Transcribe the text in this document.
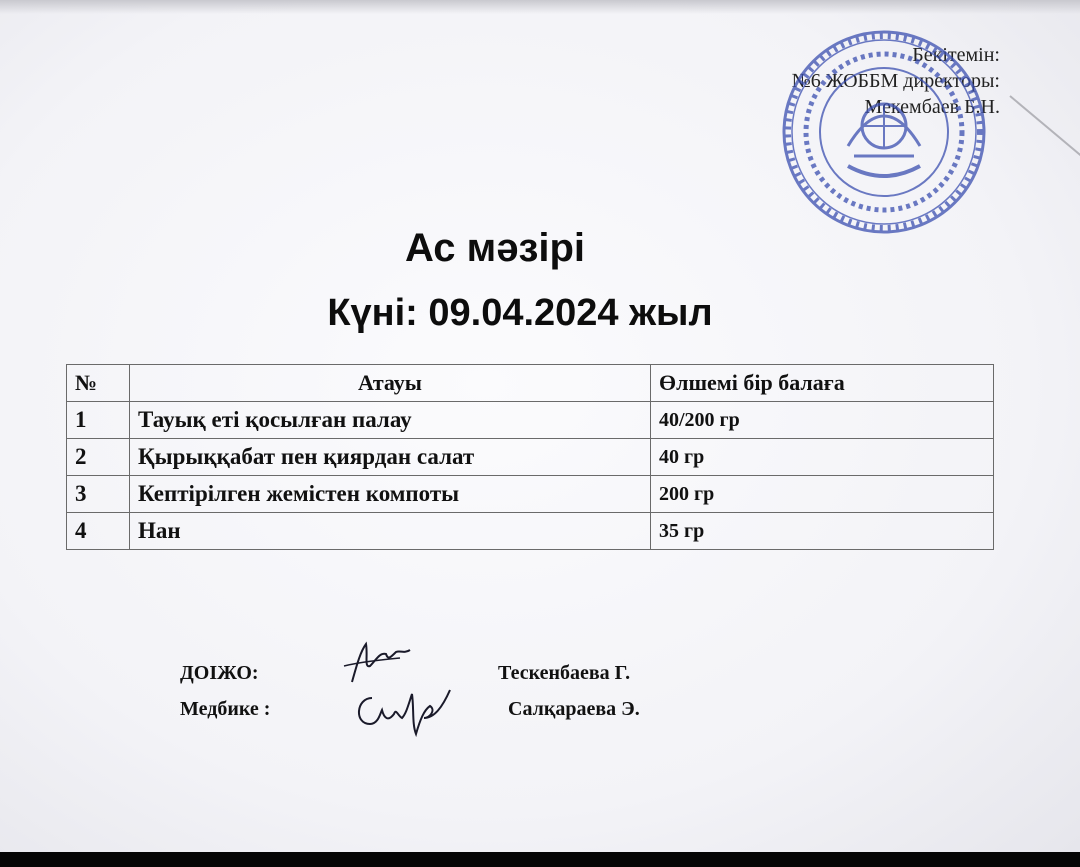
Бекітемін:
№6 ЖОББМ директоры:
Мекембаев Б.Н.
Ас мәзірі
Күні: 09.04.2024 жыл
№	Атауы	Өлшемі бір балаға
1	Тауық еті қосылған палау	40/200 гр
2	Қырыққабат пен қиярдан салат	40 гр
3	Кептірілген жемістен компоты	200 гр
4	Нан	35 гр
ДОІЖО:	Тескенбаева Г.
Медбике :	Салқараева Э.
